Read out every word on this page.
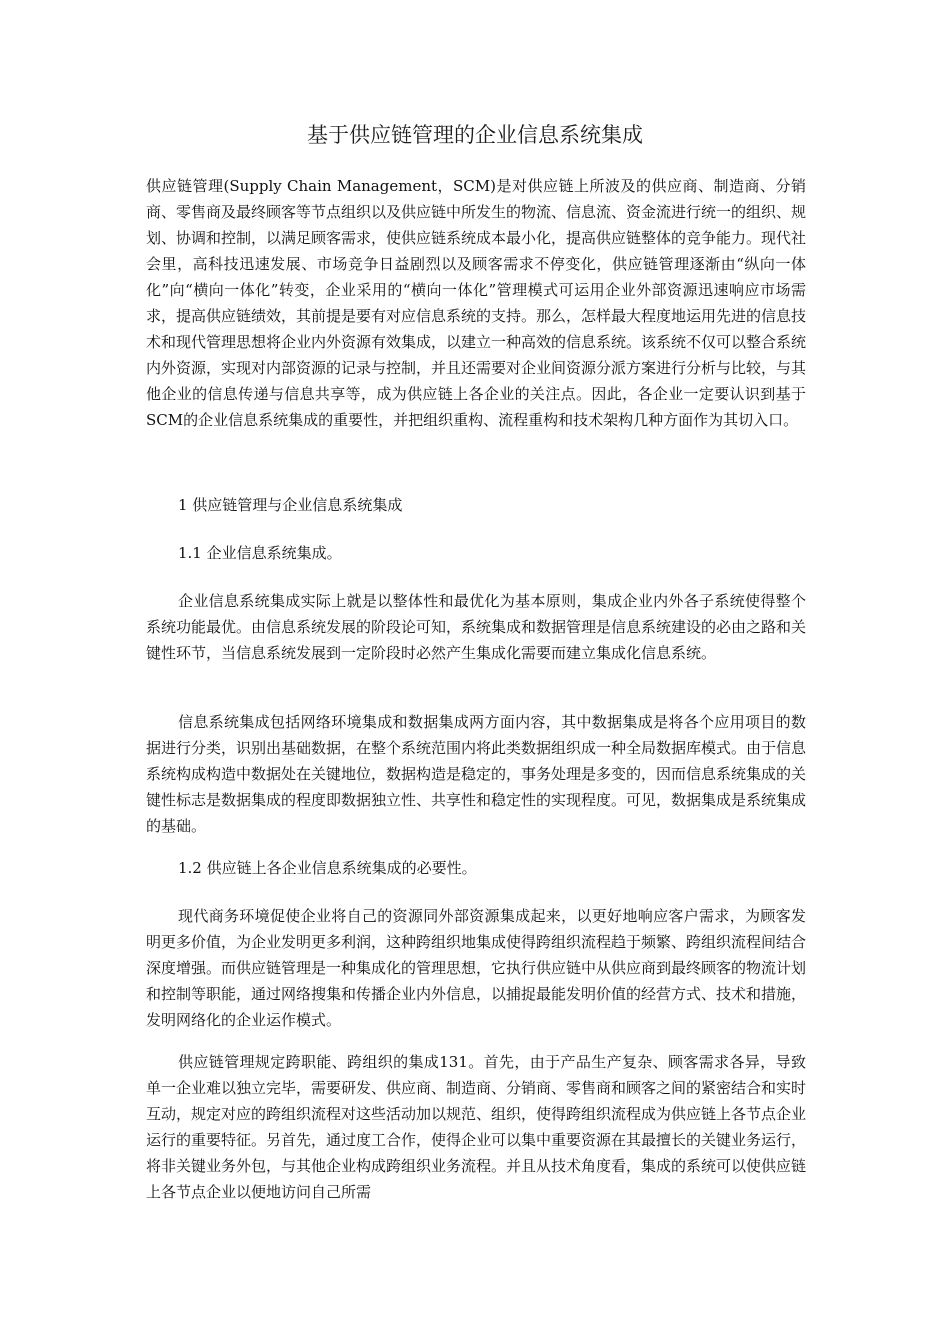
基于供应链管理的企业信息系统集成

供应链管理(Supply Chain Management，SCM)是对供应链上所波及的供应商、制造商、分销商、零售商及最终顾客等节点组织以及供应链中所发生的物流、信息流、资金流进行统一的组织、规划、协调和控制，以满足顾客需求，使供应链系统成本最小化，提高供应链整体的竞争能力。现代社会里，高科技迅速发展、市场竞争日益剧烈以及顾客需求不停变化，供应链管理逐渐由“纵向一体化”向“横向一体化”转变，企业采用的“横向一体化”管理模式可运用企业外部资源迅速响应市场需求，提高供应链绩效，其前提是要有对应信息系统的支持。那么，怎样最大程度地运用先进的信息技术和现代管理思想将企业内外资源有效集成，以建立一种高效的信息系统。该系统不仅可以整合系统内外资源，实现对内部资源的记录与控制，并且还需要对企业间资源分派方案进行分析与比较，与其他企业的信息传递与信息共享等，成为供应链上各企业的关注点。因此，各企业一定要认识到基于SCM的企业信息系统集成的重要性，并把组织重构、流程重构和技术架构几种方面作为其切入口。

1 供应链管理与企业信息系统集成
1.1 企业信息系统集成。

企业信息系统集成实际上就是以整体性和最优化为基本原则，集成企业内外各子系统使得整个系统功能最优。由信息系统发展的阶段论可知，系统集成和数据管理是信息系统建设的必由之路和关键性环节，当信息系统发展到一定阶段时必然产生集成化需要而建立集成化信息系统。

信息系统集成包括网络环境集成和数据集成两方面内容，其中数据集成是将各个应用项目的数据进行分类，识别出基础数据，在整个系统范围内将此类数据组织成一种全局数据库模式。由于信息系统构成构造中数据处在关键地位，数据构造是稳定的，事务处理是多变的，因而信息系统集成的关键性标志是数据集成的程度即数据独立性、共享性和稳定性的实现程度。可见，数据集成是系统集成的基础。

1.2 供应链上各企业信息系统集成的必要性。

现代商务环境促使企业将自己的资源同外部资源集成起来，以更好地响应客户需求，为顾客发明更多价值，为企业发明更多利润，这种跨组织地集成使得跨组织流程趋于频繁、跨组织流程间结合深度增强。而供应链管理是一种集成化的管理思想，它执行供应链中从供应商到最终顾客的物流计划和控制等职能，通过网络搜集和传播企业内外信息，以捕捉最能发明价值的经营方式、技术和措施，发明网络化的企业运作模式。

供应链管理规定跨职能、跨组织的集成131。首先，由于产品生产复杂、顾客需求各异，导致单一企业难以独立完毕，需要研发、供应商、制造商、分销商、零售商和顾客之间的紧密结合和实时互动，规定对应的跨组织流程对这些活动加以规范、组织，使得跨组织流程成为供应链上各节点企业运行的重要特征。另首先，通过度工合作，使得企业可以集中重要资源在其最擅长的关键业务运行，将非关键业务外包，与其他企业构成跨组织业务流程。并且从技术角度看，集成的系统可以使供应链上各节点企业以便地访问自己所需
